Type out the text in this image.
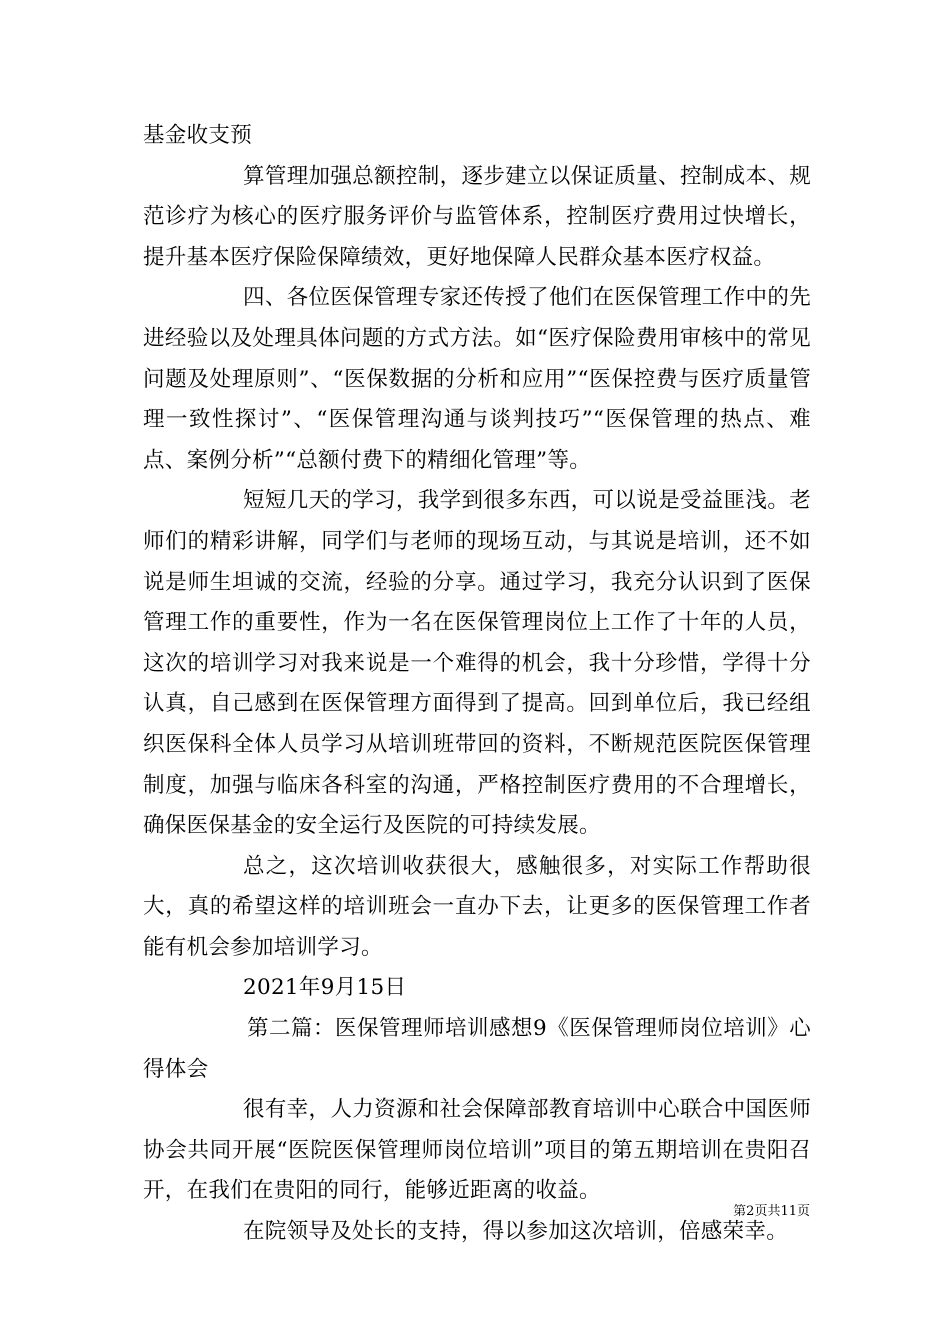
基金收支预

算管理加强总额控制，逐步建立以保证质量、控制成本、规范诊疗为核心的医疗服务评价与监管体系，控制医疗费用过快增长，提升基本医疗保险保障绩效，更好地保障人民群众基本医疗权益。

四、各位医保管理专家还传授了他们在医保管理工作中的先进经验以及处理具体问题的方式方法。如“医疗保险费用审核中的常见问题及处理原则”、“医保数据的分析和应用”“医保控费与医疗质量管理一致性探讨”、“医保管理沟通与谈判技巧”“医保管理的热点、难点、案例分析”“总额付费下的精细化管理”等。

短短几天的学习，我学到很多东西，可以说是受益匪浅。老师们的精彩讲解，同学们与老师的现场互动，与其说是培训，还不如说是师生坦诚的交流，经验的分享。通过学习，我充分认识到了医保管理工作的重要性，作为一名在医保管理岗位上工作了十年的人员，这次的培训学习对我来说是一个难得的机会，我十分珍惜，学得十分认真，自己感到在医保管理方面得到了提高。回到单位后，我已经组织医保科全体人员学习从培训班带回的资料，不断规范医院医保管理制度，加强与临床各科室的沟通，严格控制医疗费用的不合理增长，确保医保基金的安全运行及医院的可持续发展。

总之，这次培训收获很大，感触很多，对实际工作帮助很大，真的希望这样的培训班会一直办下去，让更多的医保管理工作者能有机会参加培训学习。

2021年9月15日

第二篇：医保管理师培训感想9《医保管理师岗位培训》心得体会

很有幸，人力资源和社会保障部教育培训中心联合中国医师协会共同开展“医院医保管理师岗位培训”项目的第五期培训在贵阳召开，在我们在贵阳的同行，能够近距离的收益。

在院领导及处长的支持，得以参加这次培训，倍感荣幸。

第2页共11页
